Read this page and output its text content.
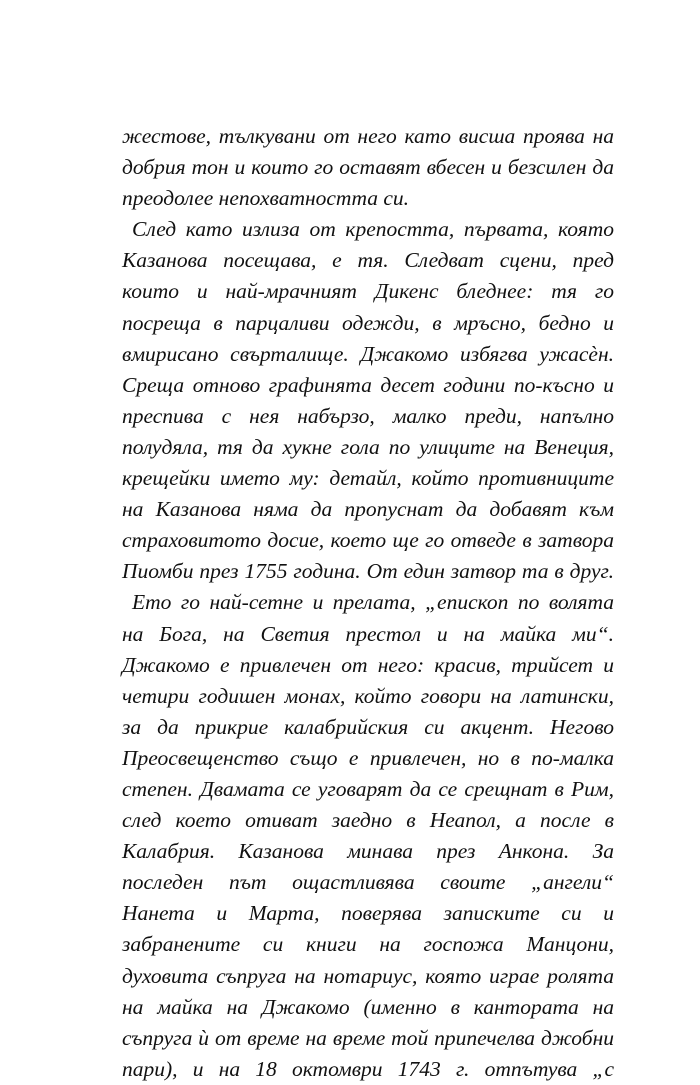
жестове, тълкувани от него като висша проява на
добрия тон и които го оставят вбесен и безсилен да
преодолее непохватността си.
След като излиза от крепостта, първата, която
Казанова посещава, е тя. Следват сцени, пред
които и най-мрачният Дикенс бледнее: тя го
посреща в парцаливи одежди, в мръсно, бедно и
вмирисано свърталище. Джакомо избягва ужасѐн.
Среща отново графинята десет години по-късно и
преспива с нея набързо, малко преди, напълно
полудяла, тя да хукне гола по улиците на Венеция,
крещейки името му: детайл, който противниците
на Казанова няма да пропуснат да добавят към
страховитото досие, което ще го отведе в затвора
Пиомби през 1755 година. От един затвор та в друг.
Ето го най-сетне и прелата, „епископ по волята
на Бога, на Светия престол и на майка ми“.
Джакомо е привлечен от него: красив, трийсет и
четири годишен монах, който говори на латински,
за да прикрие калабрийския си акцент. Негово
Преосвещенство също е привлечен, но в по-малка
степен. Двамата се уговарят да се срещнат в Рим,
след което отиват заедно в Неапол, а после в
Калабрия. Казанова минава през Анкона. За
последен път ощастливява своите „ангели“
Нанета и Марта, поверява записките си и
забранените си книги на госпожа Манцони,
духовита съпруга на нотариус, която играе ролята
на майка на Джакомо (именно в канторатa на
съпруга ѝ от време на време той припечелва джобни
пари), и на 18 октомври 1743 г. отпътува „с
